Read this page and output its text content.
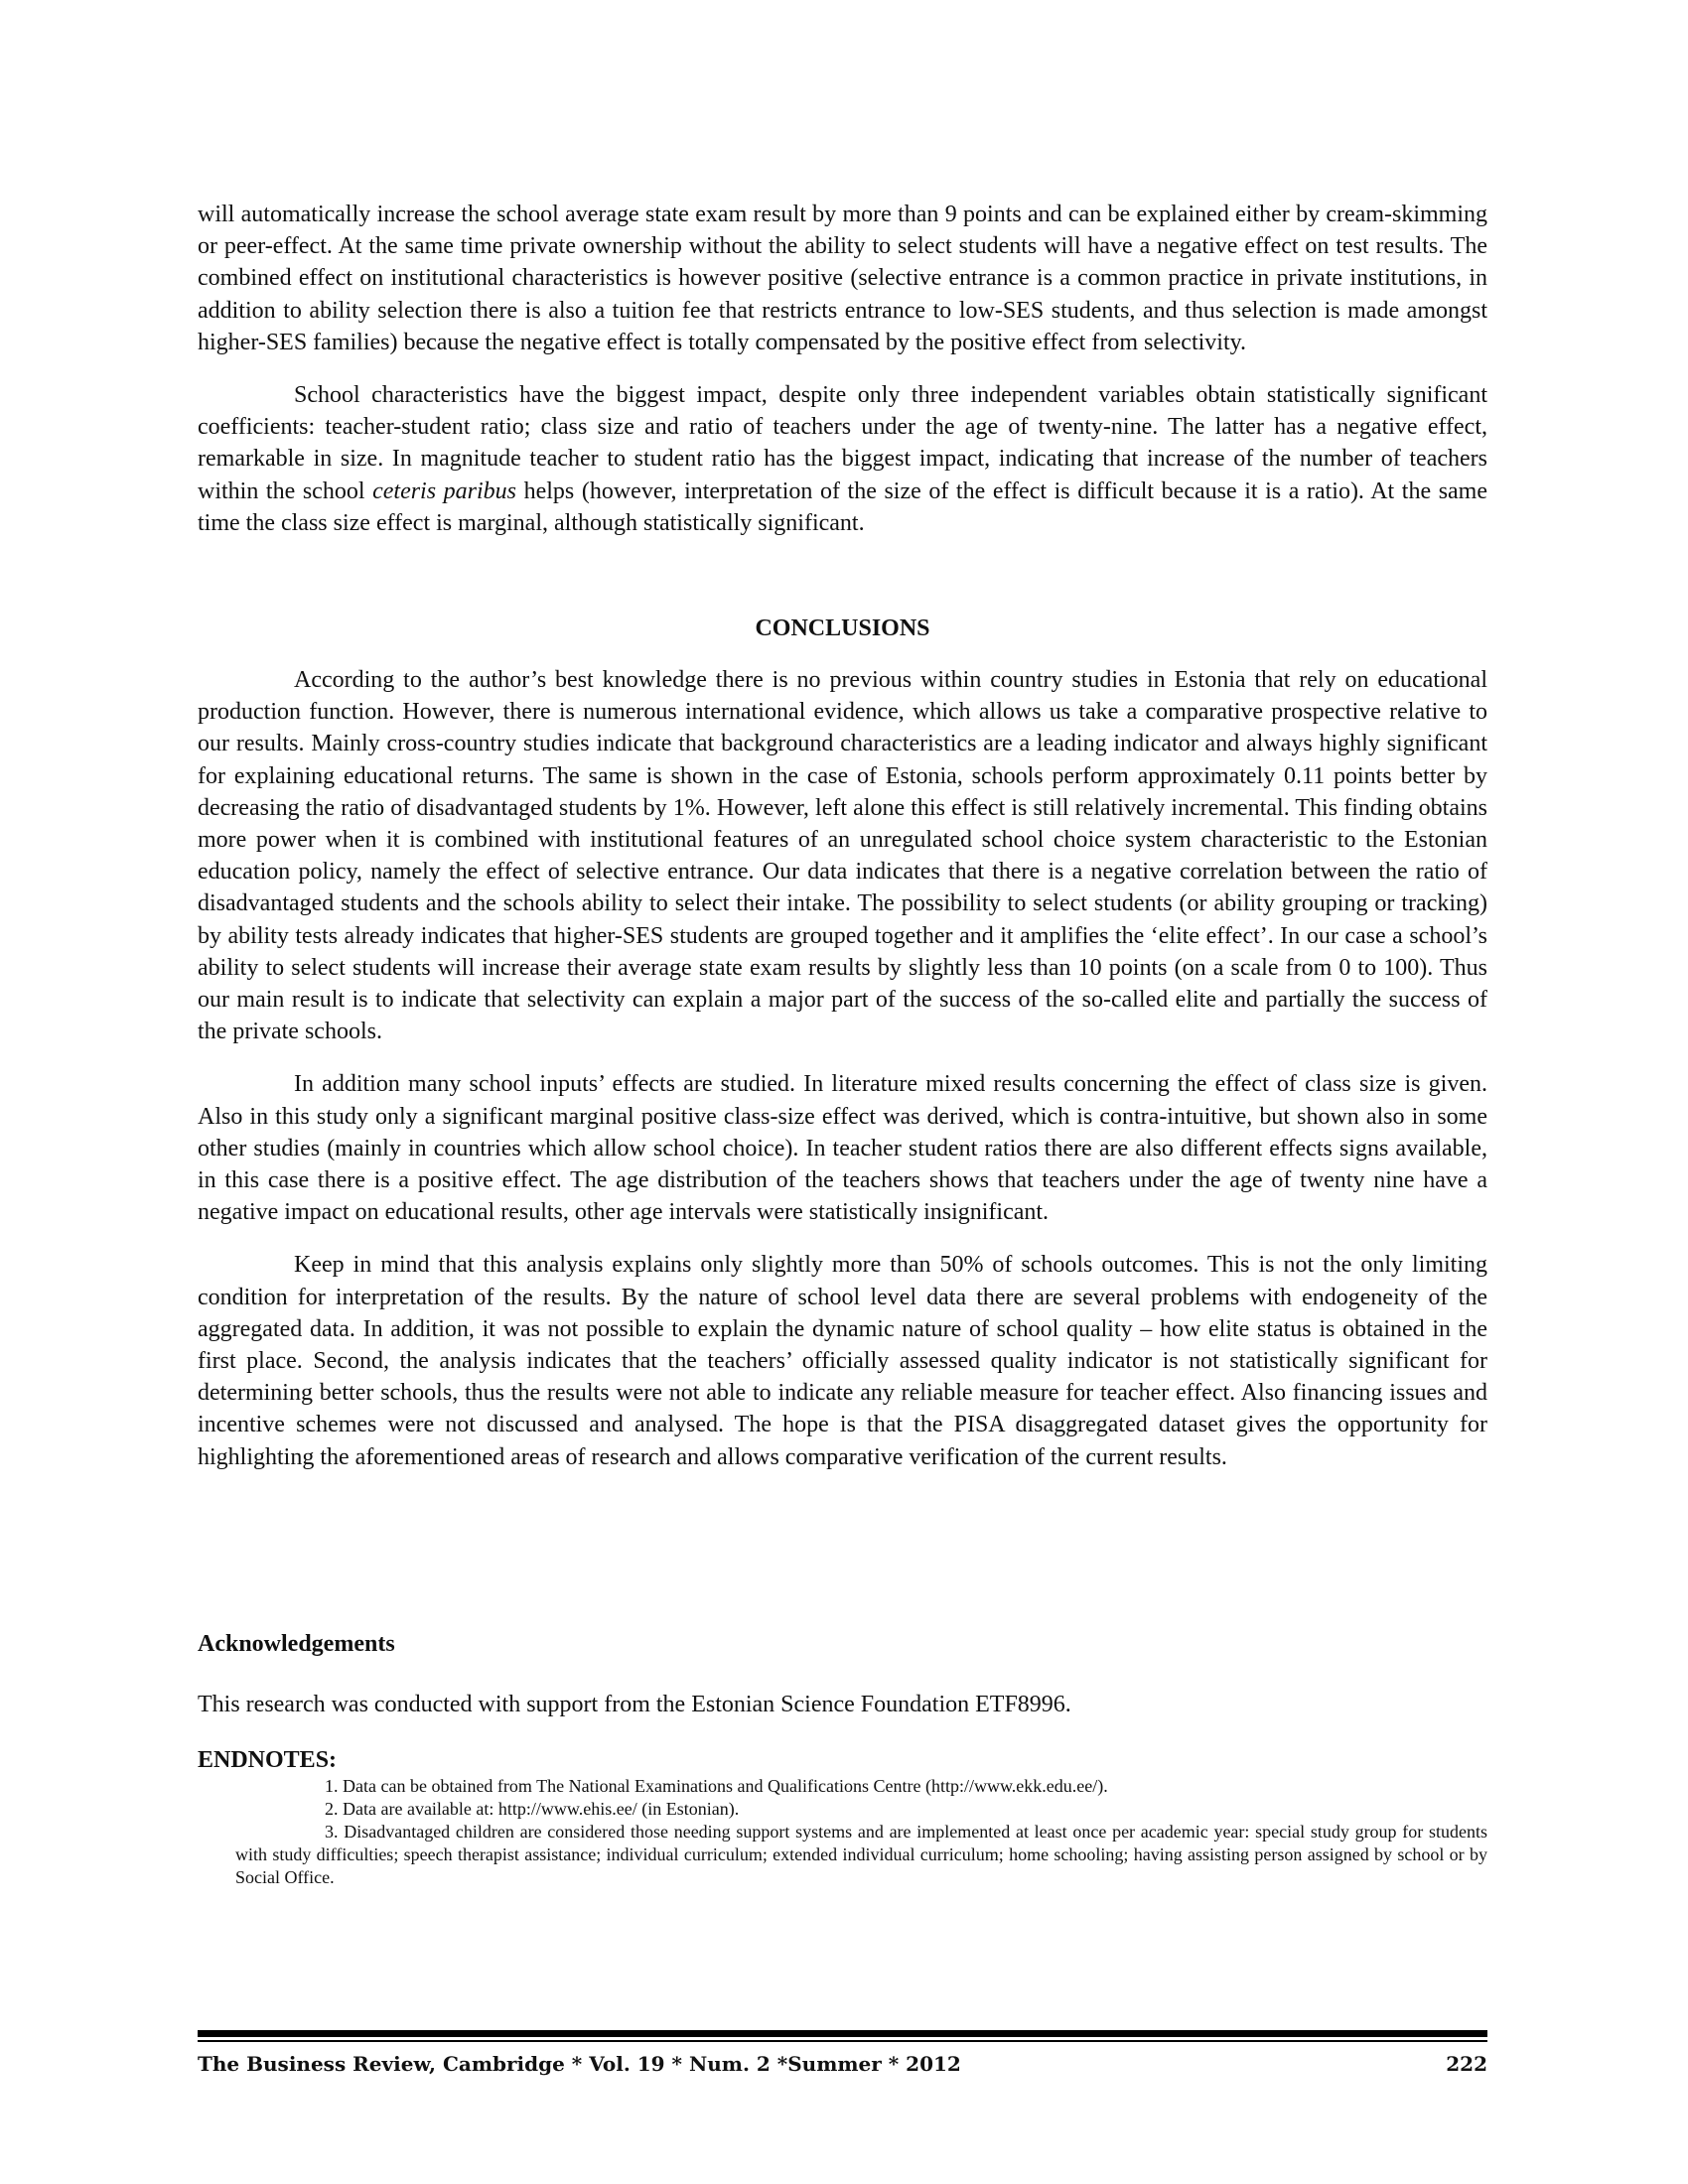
will automatically increase the school average state exam result by more than 9 points and can be explained either by cream-skimming or peer-effect. At the same time private ownership without the ability to select students will have a negative effect on test results. The combined effect on institutional characteristics is however positive (selective entrance is a common practice in private institutions, in addition to ability selection there is also a tuition fee that restricts entrance to low-SES students, and thus selection is made amongst higher-SES families) because the negative effect is totally compensated by the positive effect from selectivity.

School characteristics have the biggest impact, despite only three independent variables obtain statistically significant coefficients: teacher-student ratio; class size and ratio of teachers under the age of twenty-nine. The latter has a negative effect, remarkable in size. In magnitude teacher to student ratio has the biggest impact, indicating that increase of the number of teachers within the school ceteris paribus helps (however, interpretation of the size of the effect is difficult because it is a ratio). At the same time the class size effect is marginal, although statistically significant.

CONCLUSIONS

According to the author’s best knowledge there is no previous within country studies in Estonia that rely on educational production function. However, there is numerous international evidence, which allows us take a comparative prospective relative to our results. Mainly cross-country studies indicate that background characteristics are a leading indicator and always highly significant for explaining educational returns. The same is shown in the case of Estonia, schools perform approximately 0.11 points better by decreasing the ratio of disadvantaged students by 1%. However, left alone this effect is still relatively incremental. This finding obtains more power when it is combined with institutional features of an unregulated school choice system characteristic to the Estonian education policy, namely the effect of selective entrance. Our data indicates that there is a negative correlation between the ratio of disadvantaged students and the schools ability to select their intake. The possibility to select students (or ability grouping or tracking) by ability tests already indicates that higher-SES students are grouped together and it amplifies the ‘elite effect’. In our case a school’s ability to select students will increase their average state exam results by slightly less than 10 points (on a scale from 0 to 100). Thus our main result is to indicate that selectivity can explain a major part of the success of the so-called elite and partially the success of the private schools.

In addition many school inputs’ effects are studied. In literature mixed results concerning the effect of class size is given. Also in this study only a significant marginal positive class-size effect was derived, which is contra-intuitive, but shown also in some other studies (mainly in countries which allow school choice). In teacher student ratios there are also different effects signs available, in this case there is a positive effect. The age distribution of the teachers shows that teachers under the age of twenty nine have a negative impact on educational results, other age intervals were statistically insignificant.

Keep in mind that this analysis explains only slightly more than 50% of schools outcomes. This is not the only limiting condition for interpretation of the results. By the nature of school level data there are several problems with endogeneity of the aggregated data. In addition, it was not possible to explain the dynamic nature of school quality – how elite status is obtained in the first place. Second, the analysis indicates that the teachers’ officially assessed quality indicator is not statistically significant for determining better schools, thus the results were not able to indicate any reliable measure for teacher effect. Also financing issues and incentive schemes were not discussed and analysed. The hope is that the PISA disaggregated dataset gives the opportunity for highlighting the aforementioned areas of research and allows comparative verification of the current results.

Acknowledgements
This research was conducted with support from the Estonian Science Foundation ETF8996.
ENDNOTES:

1. Data can be obtained from The National Examinations and Qualifications Centre (http://www.ekk.edu.ee/).

2. Data are available at: http://www.ehis.ee/ (in Estonian).

3. Disadvantaged children are considered those needing support systems and are implemented at least once per academic year: special study group for students with study difficulties; speech therapist assistance; individual curriculum; extended individual curriculum; home schooling; having assisting person assigned by school or by Social Office.

The Business Review, Cambridge * Vol. 19 * Num. 2 *Summer * 2012	222
